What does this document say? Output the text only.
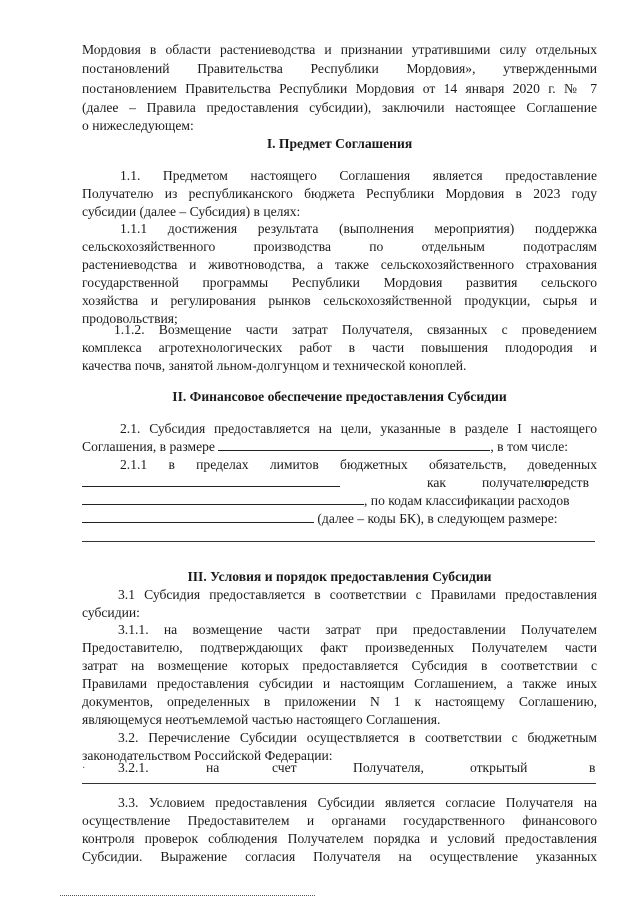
Мордовия в области растениеводства и признании утратившими силу отдельных
постановлений Правительства Республики Мордовия», утвержденными
постановлением Правительства Республики Мордовия от 14 января 2020 г. № 7
(далее – Правила предоставления субсидии), заключили настоящее Соглашение
о нижеследующем:
I. Предмет Соглашения
1.1. Предметом настоящего Соглашения является предоставление
Получателю из республиканского бюджета Республики Мордовия в 2023 году
субсидии (далее – Субсидия) в целях:
1.1.1 достижения результата (выполнения мероприятия) поддержка
сельскохозяйственного производства по отдельным подотраслям
растениеводства и животноводства, а также сельскохозяйственного страхования
государственной программы Республики Мордовия развития сельского
хозяйства и регулирования рынков сельскохозяйственной продукции, сырья и
продовольствия;
1.1.2. Возмещение части затрат Получателя, связанных с проведением
комплекса агротехнологических работ в части повышения плодородия и
качества почв, занятой льном-долгунцом и технической коноплей.
II. Финансовое обеспечение предоставления Субсидии
2.1. Субсидия предоставляется на цели, указанные в разделе I настоящего
Соглашения, в размере	, в том числе:
2.1.1 в пределах лимитов бюджетных обязательств, доведенных
как	получателю
средств
, по кодам классификации расходов
(далее – коды БК), в следующем размере:
III. Условия и порядок предоставления Субсидии
3.1 Субсидия предоставляется в соответствии с Правилами предоставления
субсидии:
3.1.1. на возмещение части затрат при предоставлении Получателем
Предоставителю, подтверждающих факт произведенных Получателем части
затрат на возмещение которых предоставляется Субсидия в соответствии с
Правилами предоставления субсидии и настоящим Соглашением, а также иных
документов, определенных в приложении N 1 к настоящему Соглашению,
являющемуся неотъемлемой частью настоящего Соглашения.
3.2. Перечисление Субсидии осуществляется в соответствии с бюджетным
законодательством Российской Федерации:
3.2.1.	на	счет	Получателя,	открытый	в
·
3.3. Условием предоставления Субсидии является согласие Получателя на
осуществление Предоставителем и органами государственного финансового
контроля проверок соблюдения Получателем порядка и условий предоставления
Субсидии. Выражение согласия Получателя на осуществление указанных
